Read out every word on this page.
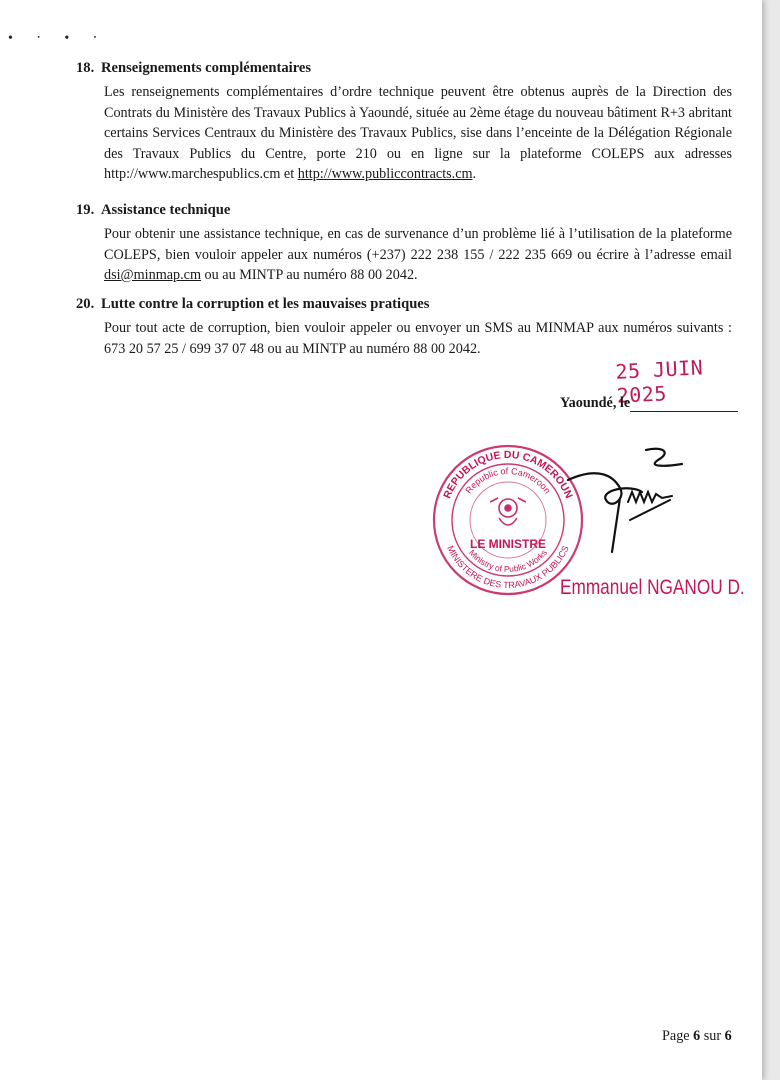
• ‧ • ‧

18. Renseignements complémentaires

Les renseignements complémentaires d’ordre technique peuvent être obtenus auprès de la Direction des Contrats du Ministère des Travaux Publics à Yaoundé, située au 2ème étage du nouveau bâtiment R+3 abritant certains Services Centraux du Ministère des Travaux Publics, sise dans l’enceinte de la Délégation Régionale des Travaux Publics du Centre, porte 210 ou en ligne sur la plateforme COLEPS aux adresses http://www.marchespublics.cm et http://www.publiccontracts.cm.

19. Assistance technique

Pour obtenir une assistance technique, en cas de survenance d’un problème lié à l’utilisation de la plateforme COLEPS, bien vouloir appeler aux numéros (+237) 222 238 155 / 222 235 669 ou écrire à l’adresse email dsi@minmap.cm ou au MINTP au numéro 88 00 2042.

20. Lutte contre la corruption et les mauvaises pratiques

Pour tout acte de corruption, bien vouloir appeler ou envoyer un SMS au MINMAP aux numéros suivants : 673 20 57 25 / 699 37 07 48 ou au MINTP au numéro 88 00 2042.

25 JUIN 2025
Yaoundé, le
REPUBLIQUE DU CAMEROUN
Republic of Cameroon
MINISTERE DES TRAVAUX PUBLICS
Ministry of Public Works
LE MINISTRE
Emmanuel NGANOU D.
Page 6 sur 6
